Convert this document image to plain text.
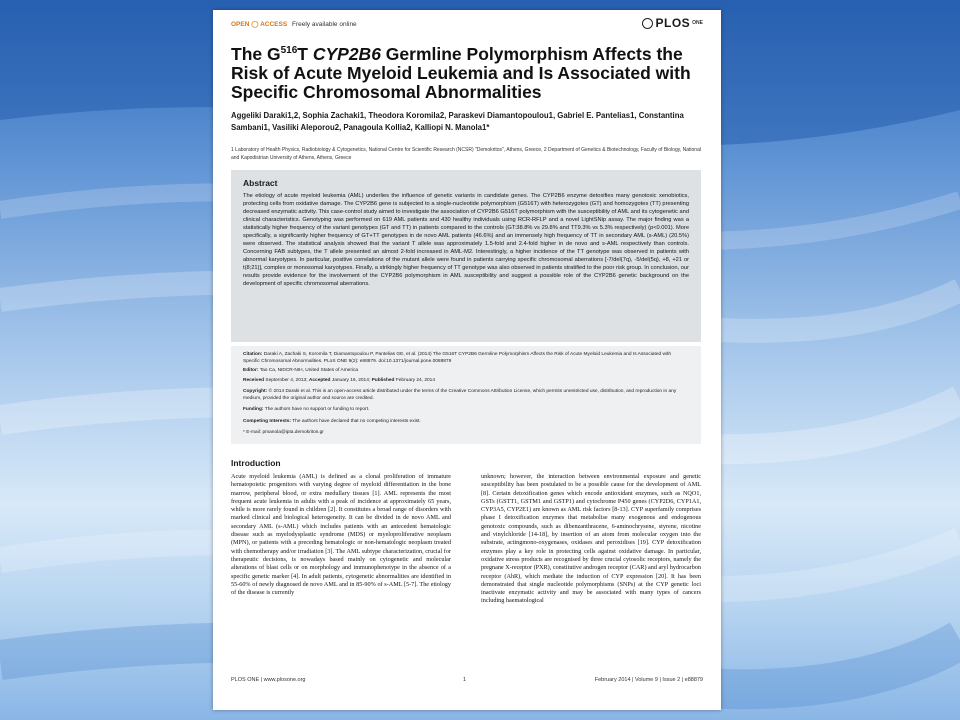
OPEN ◯ ACCESS Freely available online	PLOS ONE
The $G^{516}T$ CYP2B6 Germline Polymorphism Affects the Risk of Acute Myeloid Leukemia and Is Associated with Specific Chromosomal Abnormalities
Aggeliki Daraki1,2, Sophia Zachaki1, Theodora Koromila2, Paraskevi Diamantopoulou1, Gabriel E. Pantelias1, Constantina Sambani1, Vasiliki Aleporou2, Panagoula Kollia2, Kalliopi N. Manola1*
1 Laboratory of Health Physics, Radiobiology & Cytogenetics, National Centre for Scientific Research (NCSR) "Demokritos", Athens, Greece, 2 Department of Genetics & Biotechnology, Faculty of Biology, National and Kapodistrian University of Athens, Athens, Greece
Abstract
The etiology of acute myeloid leukemia (AML) underlies the influence of genetic variants in candidate genes. The CYP2B6 enzyme detoxifies many genotoxic xenobiotics, protecting cells from oxidative damage. The CYP2B6 gene is subjected to a single-nucleotide polymorphism (G516T) with heterozygotes (GT) and homozygotes (TT) presenting decreased enzymatic activity. This case-control study aimed to investigate the association of CYP2B6 G516T polymorphism with the susceptibility of AML and its cytogenetic and clinical characteristics. Genotyping was performed on 619 AML patients and 430 healthy individuals using RCR-RFLP and a novel LightSNip assay. The major finding was a statistically higher frequency of the variant genotypes (GT and TT) in patients compared to the controls (GT:38.8% vs 29.8% and TT9.3% vs 5.3% respectively) (p<0.001). More specifically, a significantly higher frequency of GT+TT genotypes in de novo AML patients (46.6%) and an immensely high frequency of TT in secondary AML (s-AML) (20.5%) were observed. The statistical analysis showed that the variant T allele was approximately 1.5-fold and 2.4-fold higher in de novo and s-AML respectively than controls. Concerning FAB subtypes, the T allele presented an almost 2-fold increased in AML-M2. Interestingly, a higher incidence of the TT genotype was observed in patients with abnormal karyotypes. In particular, positive correlations of the mutant allele were found in patients carrying specific chromosomal aberrations [-7/del(7q), -5/del(5q), +8, +21 or t(8;21)], complex or monosomal karyotypes. Finally, a strikingly higher frequency of TT genotype was also observed in patients stratified to the poor risk group. In conclusion, our results provide evidence for the involvement of the CYP2B6 polymorphism in AML susceptibility and suggest a possible role of the CYP2B6 genetic background on the development of specific chromosomal aberrations.

Citation: Daraki A, Zachaki S, Koromila T, Diamantopoulou P, Pantelias GE, et al. (2014) The G516T CYP2B6 Germline Polymorphism Affects the Risk of Acute Myeloid Leukemia and Is Associated with Specific Chromosomal Abnormalities. PLoS ONE 9(2): e88879. doi:10.1371/journal.pone.0088879

Editor: Tao Ca, NIDCR-NIH, United States of America

Received September 4, 2013; Accepted January 16, 2014; Published February 24, 2014

Copyright: © 2014 Daraki et al. This is an open-access article distributed under the terms of the Creative Commons Attribution License, which permits unrestricted use, distribution, and reproduction in any medium, provided the original author and source are credited.

Funding: The authors have no support or funding to report.

Competing Interests: The authors have declared that no competing interests exist.

* E-mail: pmanola@ipta.demokritos.gr

Introduction
Acute myeloid leukemia (AML) is defined as a clonal proliferation of immature hematopoietic progenitors with varying degree of myeloid differentiation in the bone marrow, peripheral blood, or extra medullary tissues [1]. AML represents the most frequent acute leukemia in adults with a peak of incidence at approximately 65 years, while is more rarely found in children [2]. It constitutes a broad range of disorders with marked clinical and biological heterogeneity. It can be divided in de novo AML and secondary AML (s-AML) which includes patients with an antecedent hematologic disease such as myelodysplastic syndrome (MDS) or myeloproliferative neoplasm (MPN), or patients with a preceding hematologic or non-hematologic neoplasm treated with chemotherapy and/or irradiation [3]. The AML subtype characterization, crucial for therapeutic decisions, is nowadays based mainly on cytogenetic and molecular alterations of blast cells or on morphology and immunophenotype in the absence of a specific genetic marker [4]. In adult patients, cytogenetic abnormalities are identified in 55-60% of newly diagnosed de novo AML and in 85-90% of s-AML [5-7]. The etiology of the disease is currently
unknown; however, the interaction between environmental exposure and genetic susceptibility has been postulated to be a possible cause for the development of AML [8]. Certain detoxification genes which encode antioxidant enzymes, such as NQO1, GSTs (GSTT1, GSTM1 and GSTP1) and cytochrome P450 genes (CYP2D6, CYP1A1, CYP3A5, CYP2E1) are known as AML risk factors [8-13]. CYP superfamily comprises phase I detoxification enzymes that metabolise many exogenous and endogenous genotoxic compounds, such as dibenzanthracene, 6-aminochrysene, styrene, nicotine and vinylchloride [14-18], by insertion of an atom from molecular oxygen into the substrate, actingmono-oxygenases, oxidases and peroxidises [19]. CYP detoxification enzymes play a key role in protecting cells against oxidative damage. In particular, oxidative stress products are recognised by three crucial cytosolic receptors, namely the pregnane X-receptor (PXR), constitutive androgen receptor (CAR) and aryl hydrocarbon receptor (AhR), which mediate the induction of CYP expression [20]. It has been demonstrated that single nucleotide polymorphisms (SNPs) at the CYP genetic loci inactivate enzymatic activity and may be associated with many types of cancers including haematological
PLOS ONE | www.plosone.org	1	February 2014 | Volume 9 | Issue 2 | e88879
